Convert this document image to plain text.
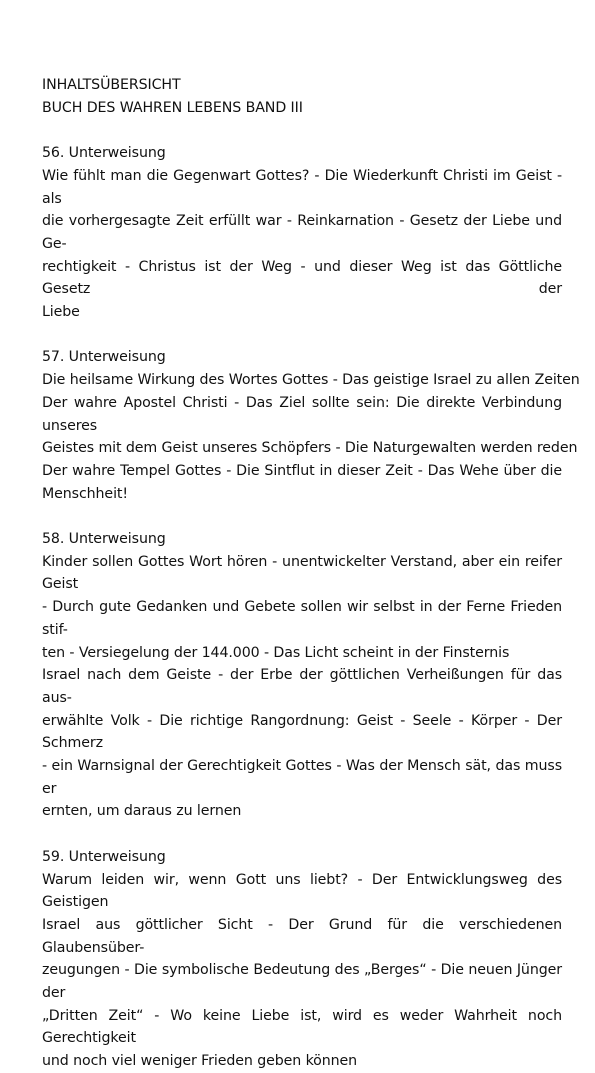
INHALTSÜBERSICHT
BUCH DES WAHREN LEBENS BAND III
56. Unterweisung
Wie fühlt man die Gegenwart Gottes? - Die Wiederkunft Christi im Geist - als
die vorhergesagte Zeit erfüllt war - Reinkarnation - Gesetz der Liebe und Ge-
rechtigkeit - Christus ist der Weg - und dieser Weg ist das Göttliche Gesetz der
Liebe
57. Unterweisung
Die heilsame Wirkung des Wortes Gottes - Das geistige Israel zu allen Zeiten
Der wahre Apostel Christi - Das Ziel sollte sein: Die direkte Verbindung unseres
Geistes mit dem Geist unseres Schöpfers - Die Naturgewalten werden reden
Der wahre Tempel Gottes - Die Sintflut in dieser Zeit - Das Wehe über die
Menschheit!
58. Unterweisung
Kinder sollen Gottes Wort hören - unentwickelter Verstand, aber ein reifer Geist
- Durch gute Gedanken und Gebete sollen wir selbst in der Ferne Frieden stif-
ten - Versiegelung der 144.000 - Das Licht scheint in der Finsternis
Israel nach dem Geiste - der Erbe der göttlichen Verheißungen für das aus-
erwählte Volk - Die richtige Rangordnung: Geist - Seele - Körper - Der Schmerz
- ein Warnsignal der Gerechtigkeit Gottes - Was der Mensch sät, das muss er
ernten, um daraus zu lernen
59. Unterweisung
Warum leiden wir, wenn Gott uns liebt? - Der Entwicklungsweg des Geistigen
Israel aus göttlicher Sicht - Der Grund für die verschiedenen Glaubensüber-
zeugungen - Die symbolische Bedeutung des „Berges“ - Die neuen Jünger der
„Dritten Zeit“ - Wo keine Liebe ist, wird es weder Wahrheit noch Gerechtigkeit
und noch viel weniger Frieden geben können
